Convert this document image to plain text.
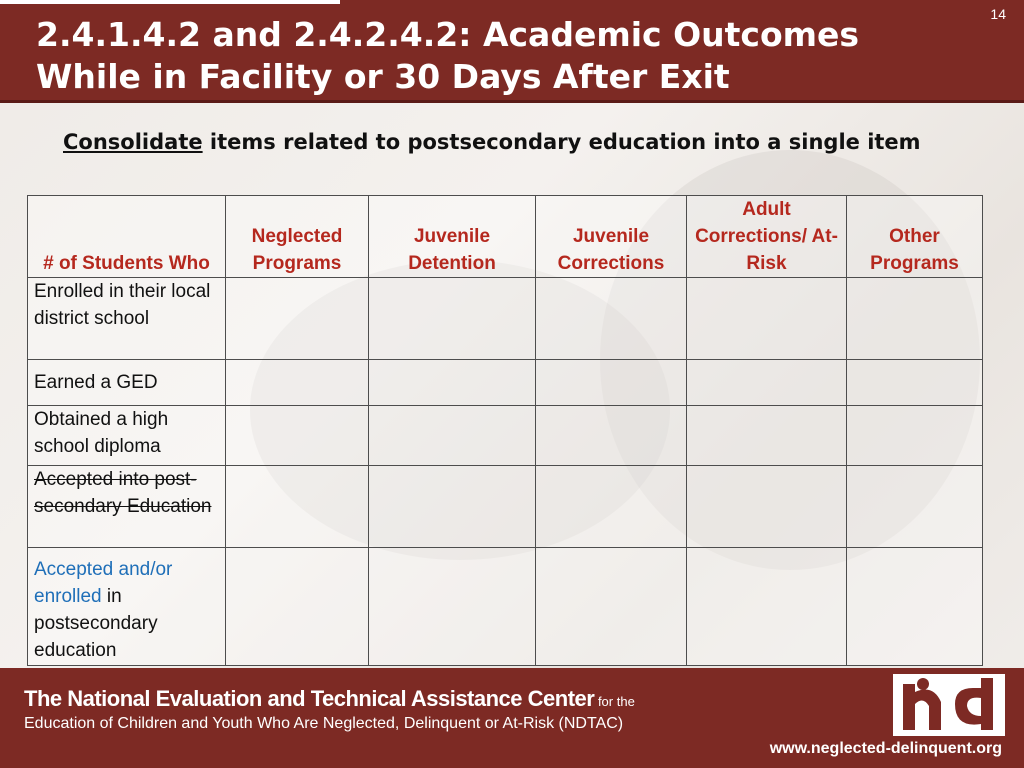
2.4.1.4.2 and 2.4.2.4.2: Academic Outcomes
While in Facility or 30 Days After Exit
14

Consolidate items related to postsecondary education into a single item

# of Students Who	Neglected Programs	Juvenile Detention	Juvenile Corrections	Adult Corrections/ At-Risk	Other Programs
Enrolled in their local district school					
Earned a GED					
Obtained a high school diploma					
Accepted into post-secondary Education					
Accepted and/or enrolled in postsecondary education					
The National Evaluation and Technical Assistance Center for the
Education of Children and Youth Who Are Neglected, Delinquent or At-Risk (NDTAC)
www.neglected-delinquent.org
